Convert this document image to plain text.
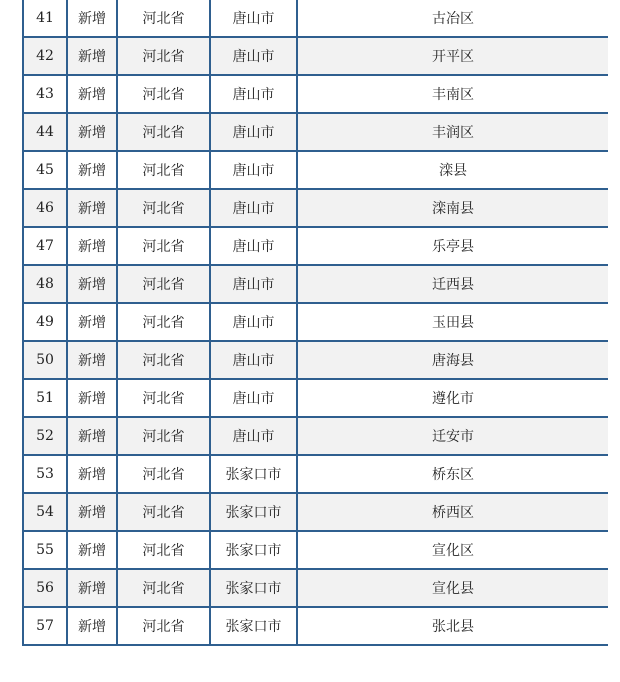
41	新增	河北省	唐山市	古冶区
42	新增	河北省	唐山市	开平区
43	新增	河北省	唐山市	丰南区
44	新增	河北省	唐山市	丰润区
45	新增	河北省	唐山市	滦县
46	新增	河北省	唐山市	滦南县
47	新增	河北省	唐山市	乐亭县
48	新增	河北省	唐山市	迁西县
49	新增	河北省	唐山市	玉田县
50	新增	河北省	唐山市	唐海县
51	新增	河北省	唐山市	遵化市
52	新增	河北省	唐山市	迁安市
53	新增	河北省	张家口市	桥东区
54	新增	河北省	张家口市	桥西区
55	新增	河北省	张家口市	宣化区
56	新增	河北省	张家口市	宣化县
57	新增	河北省	张家口市	张北县
